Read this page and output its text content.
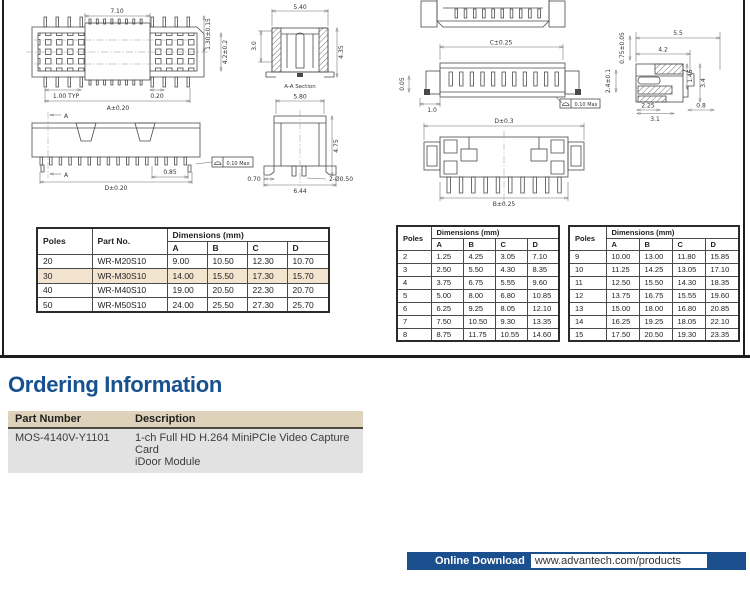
7.10
1.30±0.15
4.2±0.2
1.00 TYP	0.20
A±0.20
A
A	0.85
D±0.20
0.10 Max
5.40
3.0	4.35
A-A Section
5.80
4.75
0.70	2-Ø0.50
6.44
C±0.25
0.05
1.0
0.10 Max
D±0.3
B±0.25
5.5
4.2
0.75±0.05
2.4±0.1	1.45
3.4
2.25
3.1
0.8
Poles	Part No.	Dimensions (mm)			
		A	B	C	D
20	WR-M20S10	9.00	10.50	12.30	10.70
30	WR-M30S10	14.00	15.50	17.30	15.70
40	WR-M40S10	19.00	20.50	22.30	20.70
50	WR-M50S10	24.00	25.50	27.30	25.70
Poles	Dimensions (mm)			
	A	B	C	D
2	1.25	4.25	3.05	7.10
3	2.50	5.50	4.30	8.35
4	3.75	6.75	5.55	9.60
5	5.00	8.00	6.80	10.85
6	6.25	9.25	8.05	12.10
7	7.50	10.50	9.30	13.35
8	8.75	11.75	10.55	14.60
Poles	Dimensions (mm)			
	A	B	C	D
9	10.00	13.00	11.80	15.85
10	11.25	14.25	13.05	17.10
11	12.50	15.50	14.30	18.35
12	13.75	16.75	15.55	19.60
13	15.00	18.00	16.80	20.85
14	16.25	19.25	18.05	22.10
15	17.50	20.50	19.30	23.35
Ordering Information
Part Number	Description
MOS-4140V-Y1101	1-ch Full HD H.264 MiniPCIe Video Capture Card
iDoor Module
Online Download www.advantech.com/products
